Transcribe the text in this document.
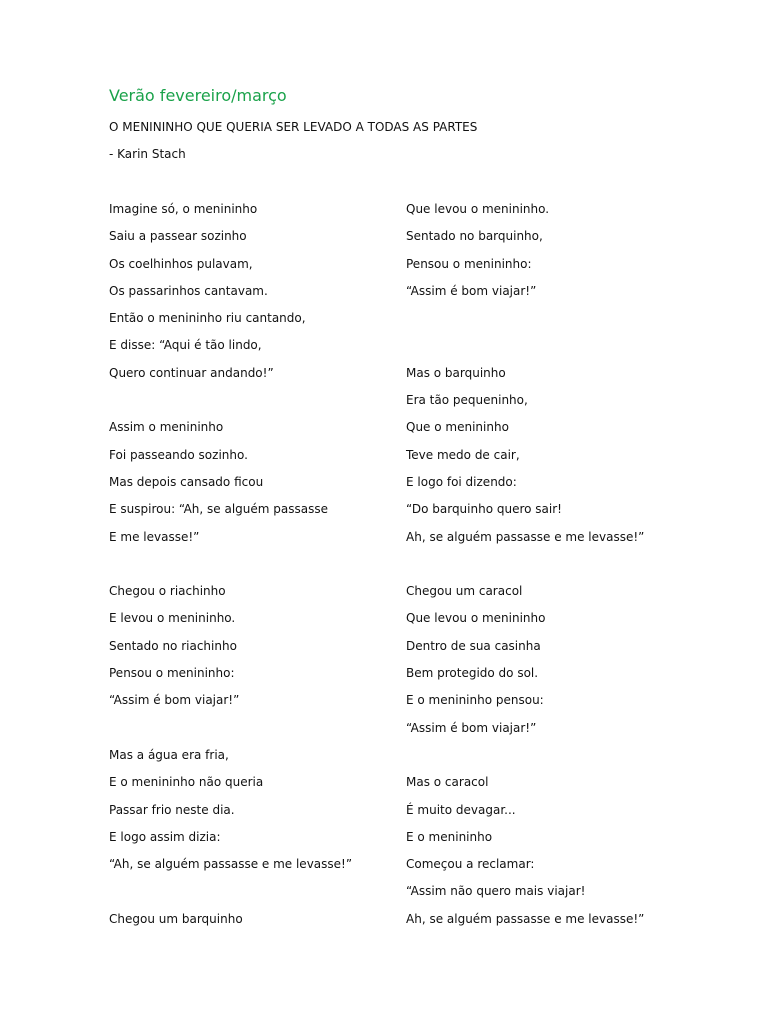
Verão fevereiro/março
O MENININHO QUE QUERIA SER LEVADO A TODAS AS PARTES
- Karin Stach
Imagine só, o menininho
Saiu a passear sozinho
Os coelhinhos pulavam,
Os passarinhos cantavam.
Então o menininho riu cantando,
E disse: “Aqui é tão lindo,
Quero continuar andando!”
Assim o menininho
Foi passeando sozinho.
Mas depois cansado ficou
E suspirou: “Ah, se alguém passasse
E me levasse!”
Chegou o riachinho
E levou o menininho.
Sentado no riachinho
Pensou o menininho:
“Assim é bom viajar!”
Mas a água era fria,
E o menininho não queria
Passar frio neste dia.
E logo assim dizia:
“Ah, se alguém passasse e me levasse!”
Chegou um barquinho
Que levou o menininho.
Sentado no barquinho,
Pensou o menininho:
“Assim é bom viajar!”
Mas o barquinho
Era tão pequeninho,
Que o menininho
Teve medo de cair,
E logo foi dizendo:
“Do barquinho quero sair!
Ah, se alguém passasse e me levasse!”
Chegou um caracol
Que levou o menininho
Dentro de sua casinha
Bem protegido do sol.
E o menininho pensou:
“Assim é bom viajar!”
Mas o caracol
É muito devagar...
E o menininho
Começou a reclamar:
“Assim não quero mais viajar!
Ah, se alguém passasse e me levasse!”
